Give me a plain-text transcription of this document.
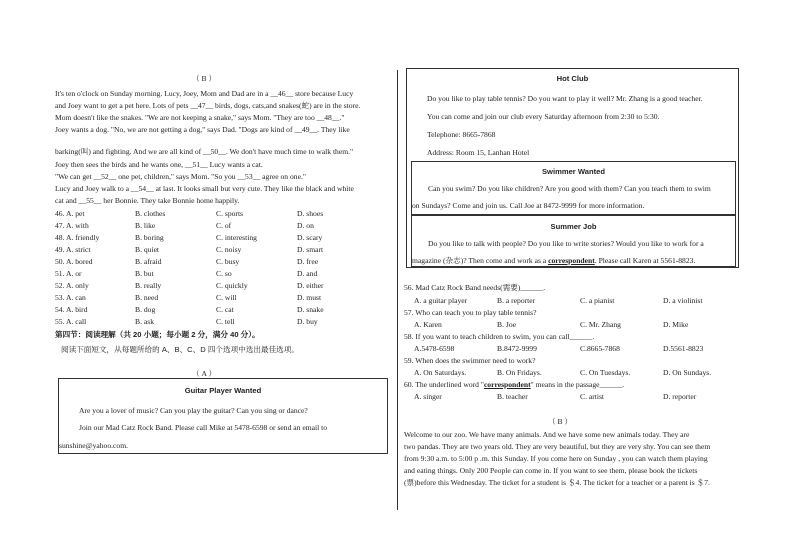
（ B ）
It's ten o'clock on Sunday morning. Lucy, Joey, Mom and Dad are in a __46__ store because Lucy
and Joey want to get a pet here. Lots of pets __47__ birds, dogs, cats,and snakes(蛇) are in the store.
Mom doesn't like the snakes. "We are not keeping a snake," says Mom. "They are too __48__."
Joey wants a dog. "No, we are not getting a dog," says Dad. "Dogs are kind of __49__. They like
barking(叫) and fighting. And we are all kind of __50__. We don't have much time to walk them."
Joey then sees the birds and he wants one, __51__ Lucy wants a cat.
"We can get __52__ one pet, children," says Mom. "So you __53__ agree on one."
Lucy and Joey walk to a __54__ at last. It looks small but very cute. They like the black and white
cat and __55__ her Bonnie. They take Bonnie home happily.
46. A. pet	B. clothes	C. sports	D. shoes
47. A. with	B. like	C. of	D. on
48. A. friendly	B. boring	C. interesting	D. scary
49. A. strict	B. quiet	C. noisy	D. smart
50. A. bored	B. afraid	C. busy	D. free
51. A. or	B. but	C. so	D. and
52. A. only	B. really	C. quickly	D. either
53. A. can	B. need	C. will	D. must
54. A. bird	B. dog	C. cat	D. snake
55. A. call	B. ask	C. tell	D. buy
第四节：阅读理解（共 20 小题；每小题 2 分，满分 40 分）。
阅读下面短文，从每题所给的 A、B、C、D 四个选项中选出最佳选项。
（ A ）
Guitar Player Wanted
Are you a lover of music? Can you play the guitar? Can you sing or dance?
Join our Mad Catz Rock Band. Please call Mike at 5478-6598 or send an email to
sunshine@yahoo.com.
Hot Club
Do you like to play table tennis? Do you want to play it well? Mr. Zhang is a good teacher.
You can come and join our club every Saturday afternoon from 2:30 to 5:30.
Telephone: 8665-7868
Address: Room 15, Lanhan Hotel
Swimmer Wanted
Can you swim? Do you like children? Are you good with them? Can you teach them to swim
on Sundays? Come and join us. Call Joe at 8472-9999 for more information.
Summer Job
Do you like to talk with people? Do you like to write stories? Would you like to work for a
magazine (杂志)? Then come and work as a correspondent. Please call Karen at 5561-8823.
56. Mad Catz Rock Band needs(需要)______.
A. a guitar player	B. a reporter	C. a pianist	D. a violinist
57. Who can teach you to play table tennis?
A. Karen	B. Joe	C. Mr. Zhang	D. Mike
58. If you want to teach children to swim, you can call______.
A.5478-6598	B.8472-9999	C.8665-7868	D.5561-8823
59. When does the swimmer need to work?
A. On Saturdays.	B. On Fridays.	C. On Tuesdays.	D. On Sundays.
60. The underlined word "correspondent" means in the passage______.
A. singer	B. teacher	C. artist	D. reporter
（ B ）
Welcome to our zoo. We have many animals. And we have some new animals today. They are
two pandas. They are two years old. They are very beautiful, but they are very shy. You can see them
from 9:30 a.m. to 5:00 p .m. this Sunday. If you come here on Sunday , you can watch them playing
and eating things. Only 200 People can come in. If you want to see them, please book the tickets
(票)before this Wednesday. The ticket for a student is ＄4. The ticket for a teacher or a parent is ＄7.
